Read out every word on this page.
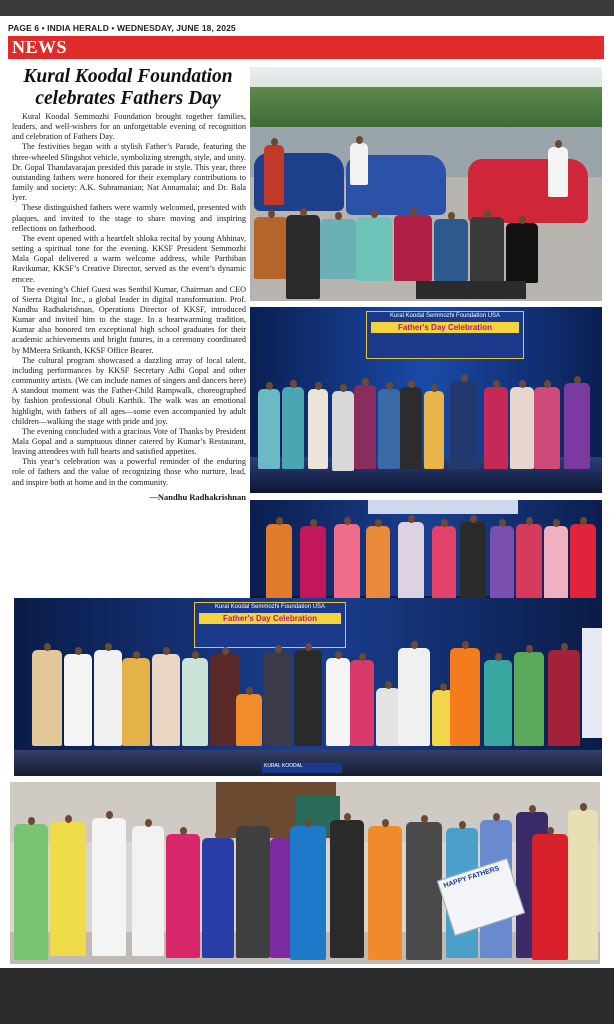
PAGE 6 • INDIA HERALD • WEDNESDAY, JUNE 18, 2025
NEWS
Kural Koodal Foundation celebrates Fathers Day

Kural Koodal Semmozhi Foundation brought together families, leaders, and well-wishers for an unforgettable evening of recognition and celebration of Fathers Day.

The festivities began with a stylish Father’s Parade, featuring the three-wheeled Slingshot vehicle, symbolizing strength, style, and unity. Dr. Gopal Thandavarajan presided this parade in style. This year, three outstanding fathers were honored for their exemplary contributions to family and society: A.K. Subramanian; Nat Annamalai; and Dr. Bala Iyer.

These distinguished fathers were warmly welcomed, presented with plaques, and invited to the stage to share moving and inspiring reflections on fatherhood.

The event opened with a heartfelt shloka recital by young Abhinav, setting a spiritual tone for the evening. KKSF President Semmozhi Mala Gopal delivered a warm welcome address, while Parthiban Ravikumar, KKSF’s Creative Director, served as the event’s dynamic emcee.

The evening’s Chief Guest was Senthil Kumar, Chairman and CEO of Sierra Digital Inc., a global leader in digital transformation. Prof. Nandhu Radhakrishnan, Operations Director of KKSF, introduced Kumar and invited him to the stage. In a heartwarming tradition, Kumar also honored ten exceptional high school graduates for their academic achievements and bright futures, in a ceremony coordinated by MMeera Srikanth, KKSF Office Bearer.

The cultural program showcased a dazzling array of local talent, including performances by KKSF Secretary Adhi Gopal and other community artists. (We can include names of singers and dancers here) A standout moment was the Father-Child Rampwalk, choreographed by fashion professional Obuli Karthik. The walk was an emotional highlight, with fathers of all ages—some even accompanied by adult children—walking the stage with pride and joy.

The evening concluded with a gracious Vote of Thanks by President Mala Gopal and a sumptuous dinner catered by Kumar’s Restaurant, leaving attendees with full hearts and satisfied appetites.

This year’s celebration was a powerful reminder of the enduring role of fathers and the value of recognizing those who nurture, lead, and inspire both at home and in the community.

—Nandhu Radhakrishnan
Kural Koodal Semmozhi Foundation USA
Father's Day Celebration
Kural Koodal Semmozhi Foundation USA
Father's Day Celebration
KURAL KOODAL
HAPPY FATHERS
